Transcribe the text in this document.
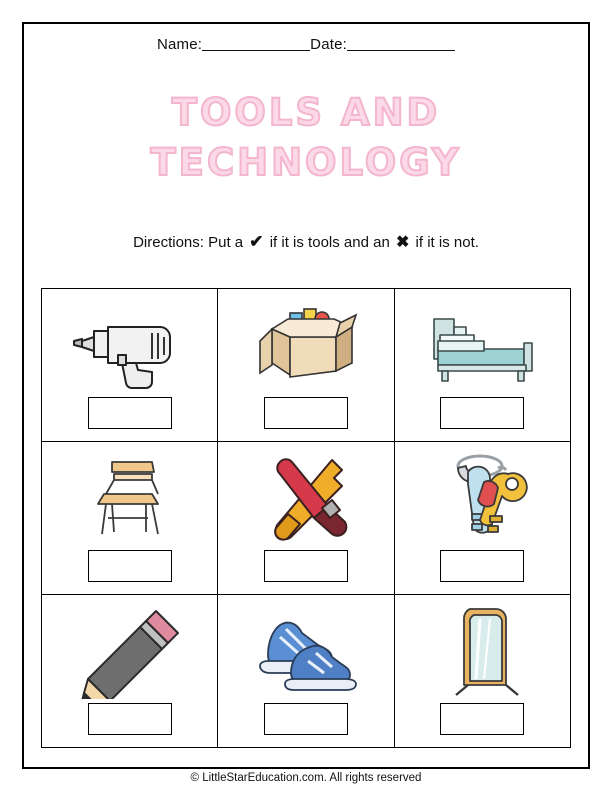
Name:	Date:
TOOLS AND
TECHNOLOGY
Directions: Put a ✔ if it is tools and an ✖ if it is not.
© LittleStarEducation.com. All rights reserved
